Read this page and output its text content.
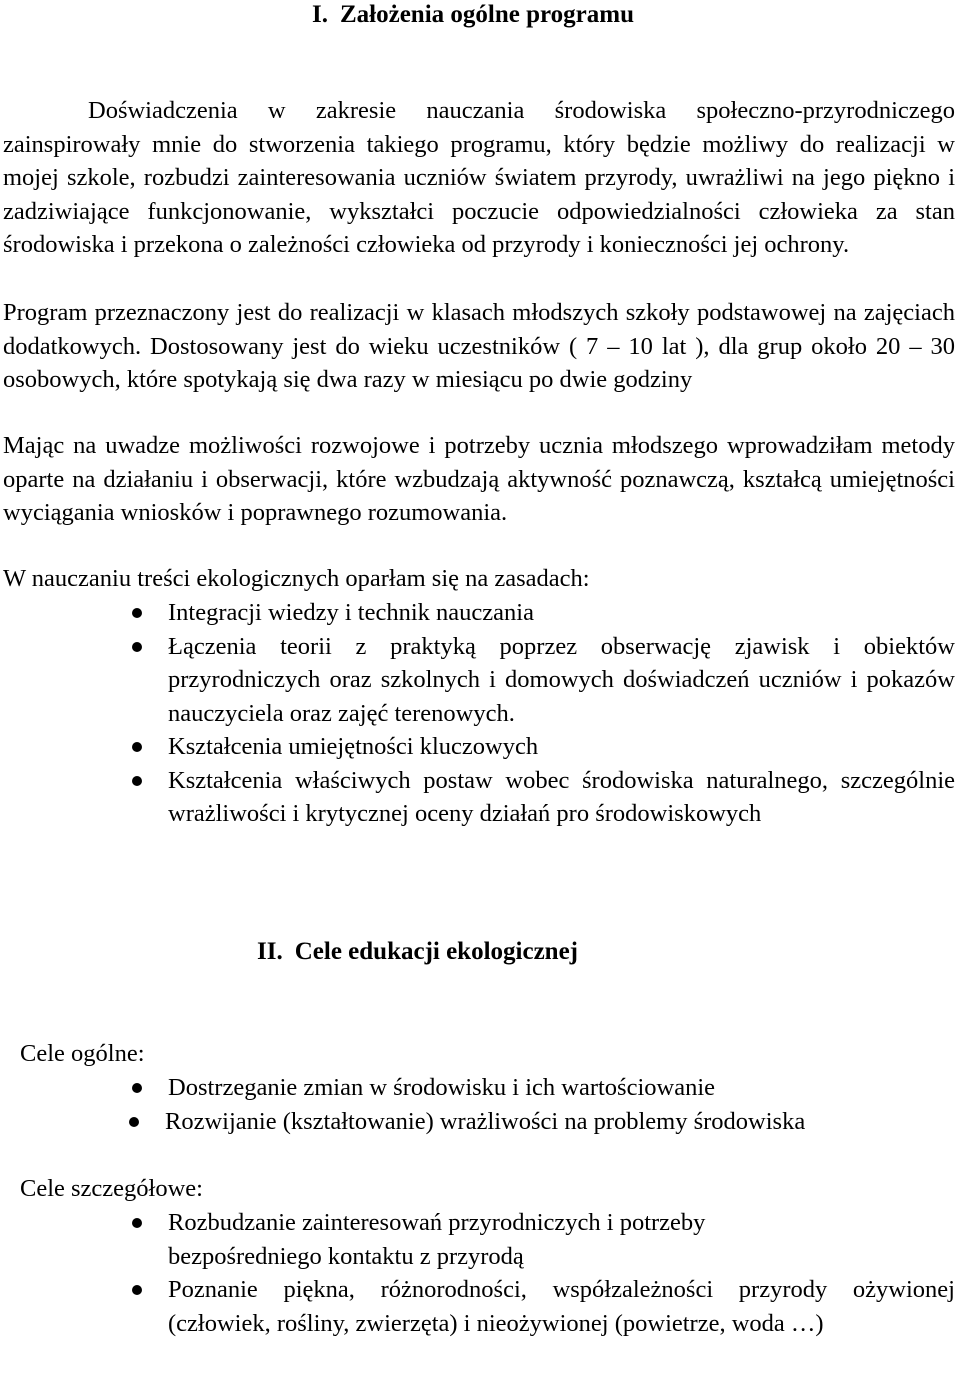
I. Założenia ogólne programu

Doświadczenia w zakresie nauczania środowiska społeczno-przyrodniczego zainspirowały mnie do stworzenia takiego programu, który będzie możliwy do realizacji w mojej szkole, rozbudzi zainteresowania uczniów światem przyrody, uwrażliwi na jego piękno i zadziwiające funkcjonowanie, wykształci poczucie odpowiedzialności człowieka za stan środowiska i przekona o zależności człowieka od przyrody i konieczności jej ochrony.

Program przeznaczony jest do realizacji w klasach młodszych szkoły podstawowej na zajęciach dodatkowych. Dostosowany jest do wieku uczestników ( 7 – 10 lat ), dla grup około 20 – 30 osobowych, które spotykają się dwa razy w miesiącu po dwie godziny

Mając na uwadze możliwości rozwojowe i potrzeby ucznia młodszego wprowadziłam metody oparte na działaniu i obserwacji, które wzbudzają aktywność poznawczą, kształcą umiejętności wyciągania wniosków i poprawnego rozumowania.

W nauczaniu treści ekologicznych oparłam się na zasadach:

Integracji wiedzy i technik nauczania
Łączenia teorii z praktyką poprzez obserwację zjawisk i obiektów przyrodniczych oraz szkolnych i domowych doświadczeń uczniów i pokazów nauczyciela oraz zajęć terenowych.
Kształcenia umiejętności kluczowych
Kształcenia właściwych postaw wobec środowiska naturalnego, szczególnie wrażliwości i krytycznej oceny działań pro środowiskowych
II. Cele edukacji ekologicznej
Cele ogólne:
Dostrzeganie zmian w środowisku i ich wartościowanie
Rozwijanie (kształtowanie) wrażliwości na problemy środowiska
Cele szczegółowe:
Rozbudzanie zainteresowań przyrodniczych i potrzeby bezpośredniego kontaktu z przyrodą
Poznanie piękna, różnorodności, współzależności przyrody ożywionej (człowiek, rośliny, zwierzęta) i nieożywionej (powietrze, woda …)
